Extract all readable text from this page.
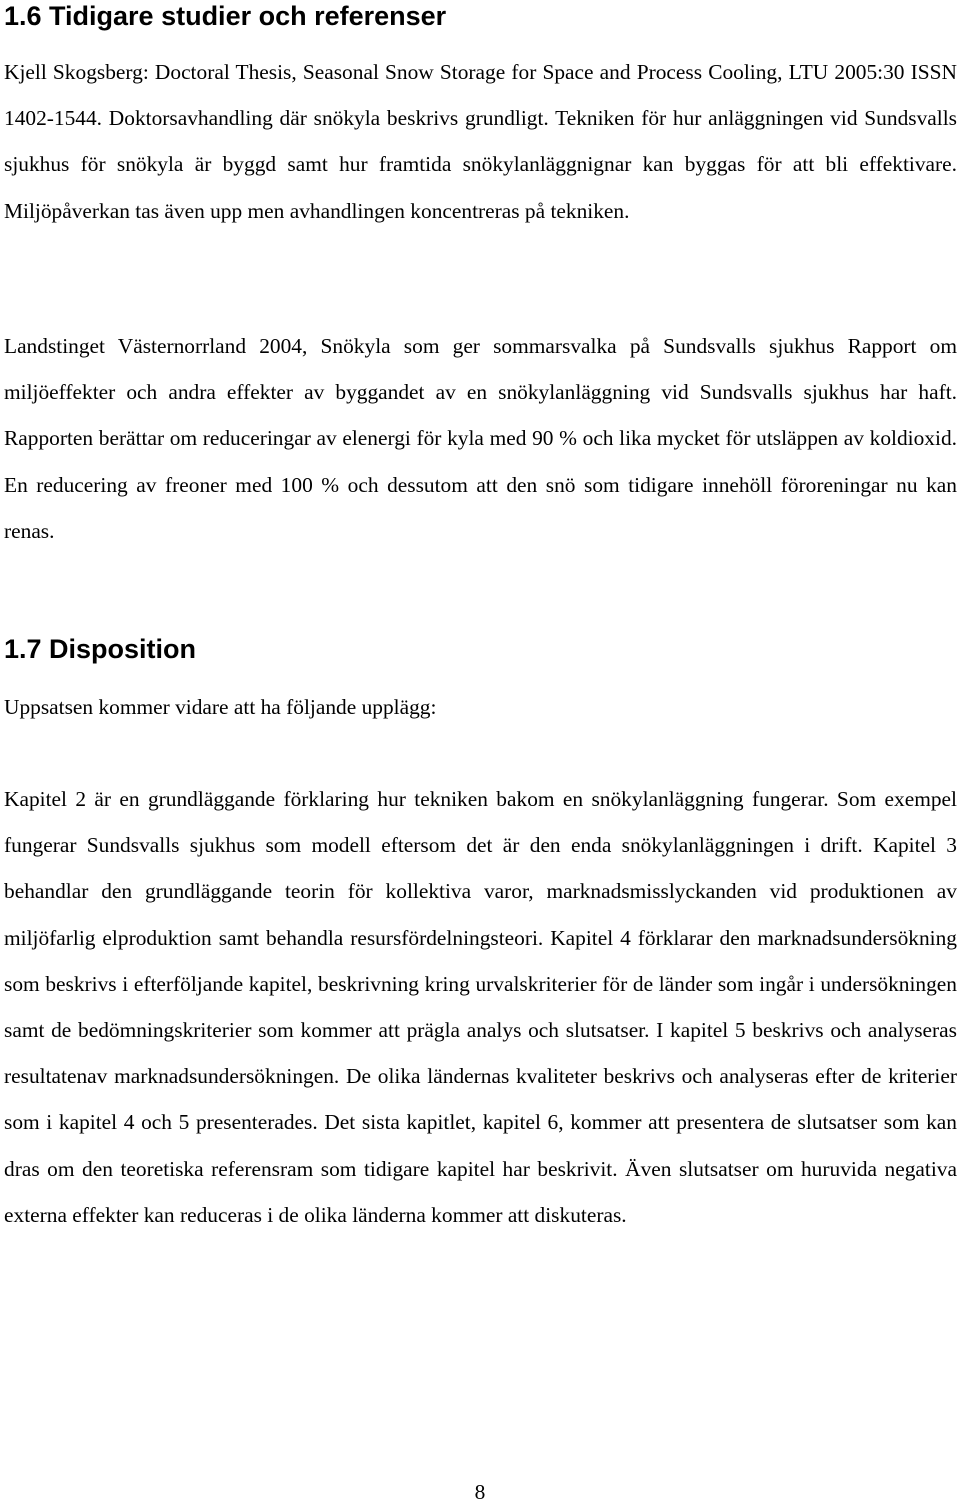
1.6 Tidigare studier och referenser

Kjell Skogsberg: Doctoral Thesis, Seasonal Snow Storage for Space and Process Cooling, LTU 2005:30 ISSN 1402-1544. Doktorsavhandling där snökyla beskrivs grundligt. Tekniken för hur anläggningen vid Sundsvalls sjukhus för snökyla är byggd samt hur framtida snökylanläggnignar kan byggas för att bli effektivare. Miljöpåverkan tas även upp men avhandlingen koncentreras på tekniken.

Landstinget Västernorrland 2004, Snökyla som ger sommarsvalka på Sundsvalls sjukhus Rapport om miljöeffekter och andra effekter av byggandet av en snökylanläggning vid Sundsvalls sjukhus har haft. Rapporten berättar om reduceringar av elenergi för kyla med 90 % och lika mycket för utsläppen av koldioxid. En reducering av freoner med 100 % och dessutom att den snö som tidigare innehöll föroreningar nu kan renas.

1.7 Disposition

Uppsatsen kommer vidare att ha följande upplägg:

Kapitel 2 är en grundläggande förklaring hur tekniken bakom en snökylanläggning fungerar. Som exempel fungerar Sundsvalls sjukhus som modell eftersom det är den enda snökylanläggningen i drift. Kapitel 3 behandlar den grundläggande teorin för kollektiva varor, marknadsmisslyckanden vid produktionen av miljöfarlig elproduktion samt behandla resursfördelningsteori. Kapitel 4 förklarar den marknadsundersökning som beskrivs i efterföljande kapitel, beskrivning kring urvalskriterier för de länder som ingår i undersökningen samt de bedömningskriterier som kommer att prägla analys och slutsatser. I kapitel 5 beskrivs och analyseras resultatenav marknadsundersökningen. De olika ländernas kvaliteter beskrivs och analyseras efter de kriterier som i kapitel 4 och 5 presenterades. Det sista kapitlet, kapitel 6, kommer att presentera de slutsatser som kan dras om den teoretiska referensram som tidigare kapitel har beskrivit. Även slutsatser om huruvida negativa externa effekter kan reduceras i de olika länderna kommer att diskuteras.

8
